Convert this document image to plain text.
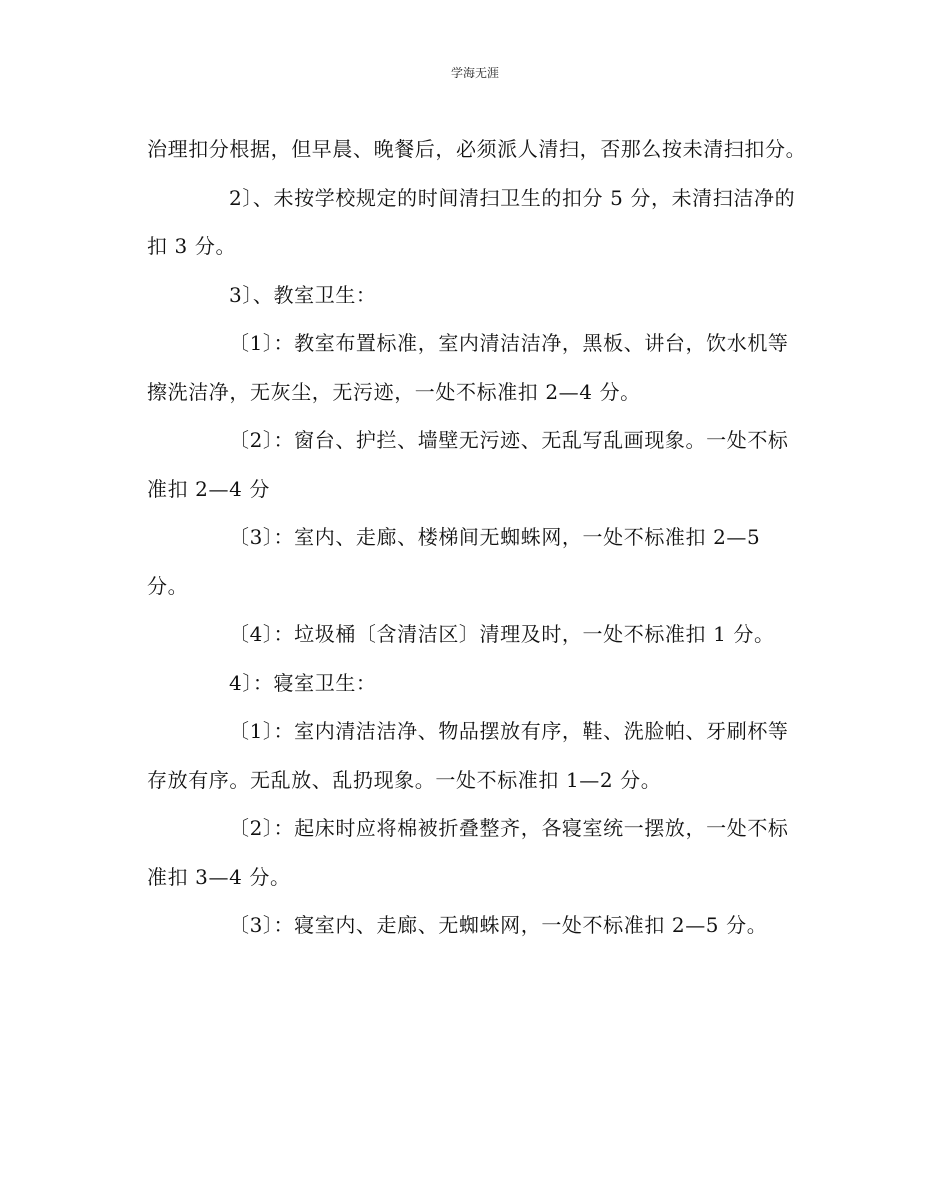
学海无涯

治理扣分根据，但早晨、晚餐后，必须派人清扫，否那么按未清扫扣分。

2〕、未按学校规定的时间清扫卫生的扣分 5 分，未清扫洁净的扣 3 分。

3〕、教室卫生：

〔1〕：教室布置标准，室内清洁洁净，黑板、讲台，饮水机等擦洗洁净，无灰尘，无污迹，一处不标准扣 2—4 分。

〔2〕：窗台、护拦、墙壁无污迹、无乱写乱画现象。一处不标准扣 2—4 分

〔3〕：室内、走廊、楼梯间无蜘蛛网，一处不标准扣 2—5 分。

〔4〕：垃圾桶〔含清洁区〕清理及时，一处不标准扣 1 分。

4〕：寝室卫生：

〔1〕：室内清洁洁净、物品摆放有序，鞋、洗脸帕、牙刷杯等存放有序。无乱放、乱扔现象。一处不标准扣 1—2 分。

〔2〕：起床时应将棉被折叠整齐，各寝室统一摆放，一处不标准扣 3—4 分。

〔3〕：寝室内、走廊、无蜘蛛网，一处不标准扣 2—5 分。
